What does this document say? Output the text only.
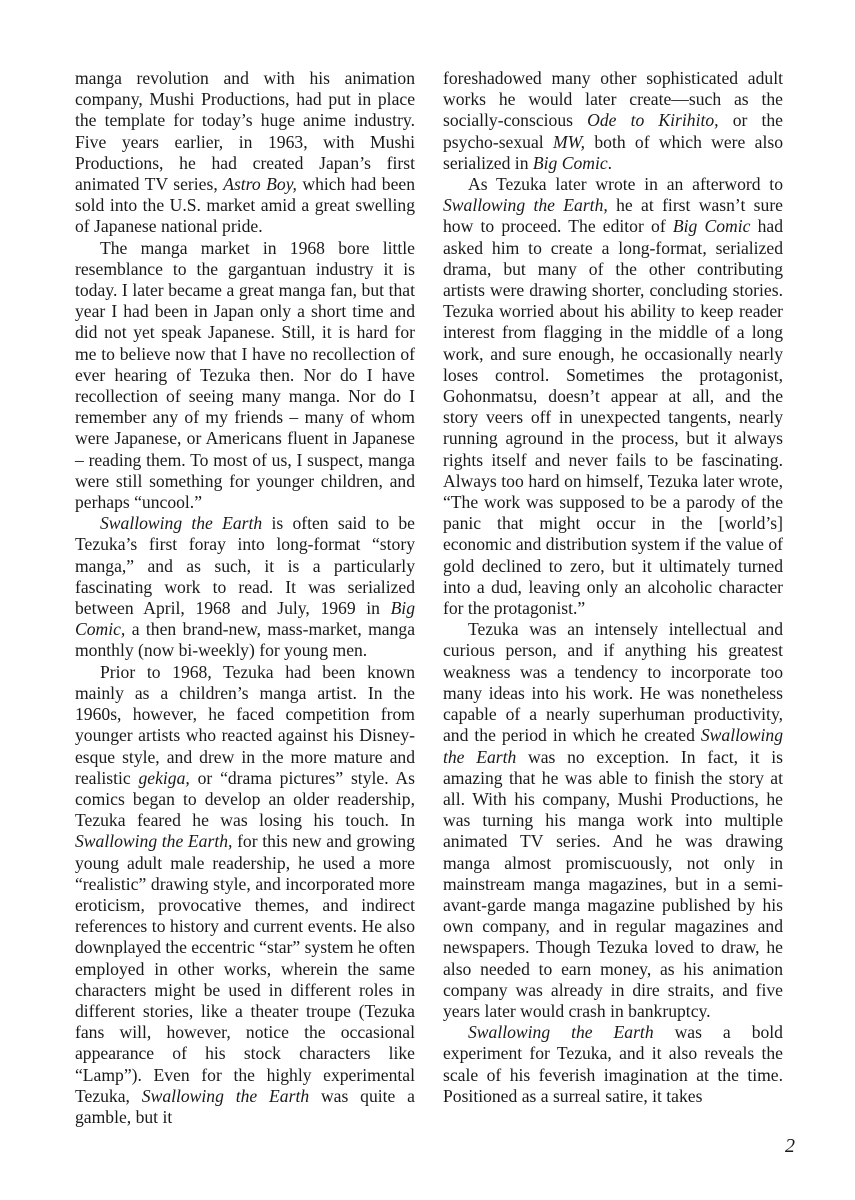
manga revolution and with his animation company, Mushi Productions, had put in place the template for today’s huge anime industry. Five years earlier, in 1963, with Mushi Productions, he had created Japan’s first animated TV series, Astro Boy, which had been sold into the U.S. market amid a great swelling of Japanese national pride.

The manga market in 1968 bore little resemblance to the gargantuan industry it is today. I later became a great manga fan, but that year I had been in Japan only a short time and did not yet speak Japanese. Still, it is hard for me to believe now that I have no recollection of ever hearing of Tezuka then. Nor do I have recollection of seeing many manga. Nor do I remember any of my friends – many of whom were Japanese, or Americans fluent in Japanese – reading them. To most of us, I suspect, manga were still something for younger children, and perhaps “uncool.”

Swallowing the Earth is often said to be Tezuka’s first foray into long-format “story manga,” and as such, it is a particularly fascinating work to read. It was serialized between April, 1968 and July, 1969 in Big Comic, a then brand-new, mass-market, manga monthly (now bi-weekly) for young men.

Prior to 1968, Tezuka had been known mainly as a children’s manga artist. In the 1960s, however, he faced competition from younger artists who reacted against his Disney-esque style, and drew in the more mature and realistic gekiga, or “drama pictures” style. As comics began to develop an older readership, Tezuka feared he was losing his touch. In Swallowing the Earth, for this new and growing young adult male readership, he used a more “realistic” drawing style, and incorporated more eroticism, provocative themes, and indirect references to history and current events. He also downplayed the eccentric “star” system he often employed in other works, wherein the same characters might be used in different roles in different stories, like a theater troupe (Tezuka fans will, however, notice the occasional appearance of his stock characters like “Lamp”). Even for the highly experimental Tezuka, Swallowing the Earth was quite a gamble, but it

foreshadowed many other sophisticated adult works he would later create—such as the socially-conscious Ode to Kirihito, or the psycho-sexual MW, both of which were also serialized in Big Comic.

As Tezuka later wrote in an afterword to Swallowing the Earth, he at first wasn’t sure how to proceed. The editor of Big Comic had asked him to create a long-format, serialized drama, but many of the other contributing artists were drawing shorter, concluding stories. Tezuka worried about his ability to keep reader interest from flagging in the middle of a long work, and sure enough, he occasionally nearly loses control. Sometimes the protagonist, Gohonmatsu, doesn’t appear at all, and the story veers off in unexpected tangents, nearly running aground in the process, but it always rights itself and never fails to be fascinating. Always too hard on himself, Tezuka later wrote, “The work was supposed to be a parody of the panic that might occur in the [world’s] economic and distribution system if the value of gold declined to zero, but it ultimately turned into a dud, leaving only an alcoholic character for the protagonist.”

Tezuka was an intensely intellectual and curious person, and if anything his greatest weakness was a tendency to incorporate too many ideas into his work. He was nonetheless capable of a nearly superhuman productivity, and the period in which he created Swallowing the Earth was no exception. In fact, it is amazing that he was able to finish the story at all. With his company, Mushi Productions, he was turning his manga work into multiple animated TV series. And he was drawing manga almost promiscuously, not only in mainstream manga magazines, but in a semi-avant-garde manga magazine published by his own company, and in regular magazines and newspapers. Though Tezuka loved to draw, he also needed to earn money, as his animation company was already in dire straits, and five years later would crash in bankruptcy.

Swallowing the Earth was a bold experiment for Tezuka, and it also reveals the scale of his feverish imagination at the time. Positioned as a surreal satire, it takes

2
